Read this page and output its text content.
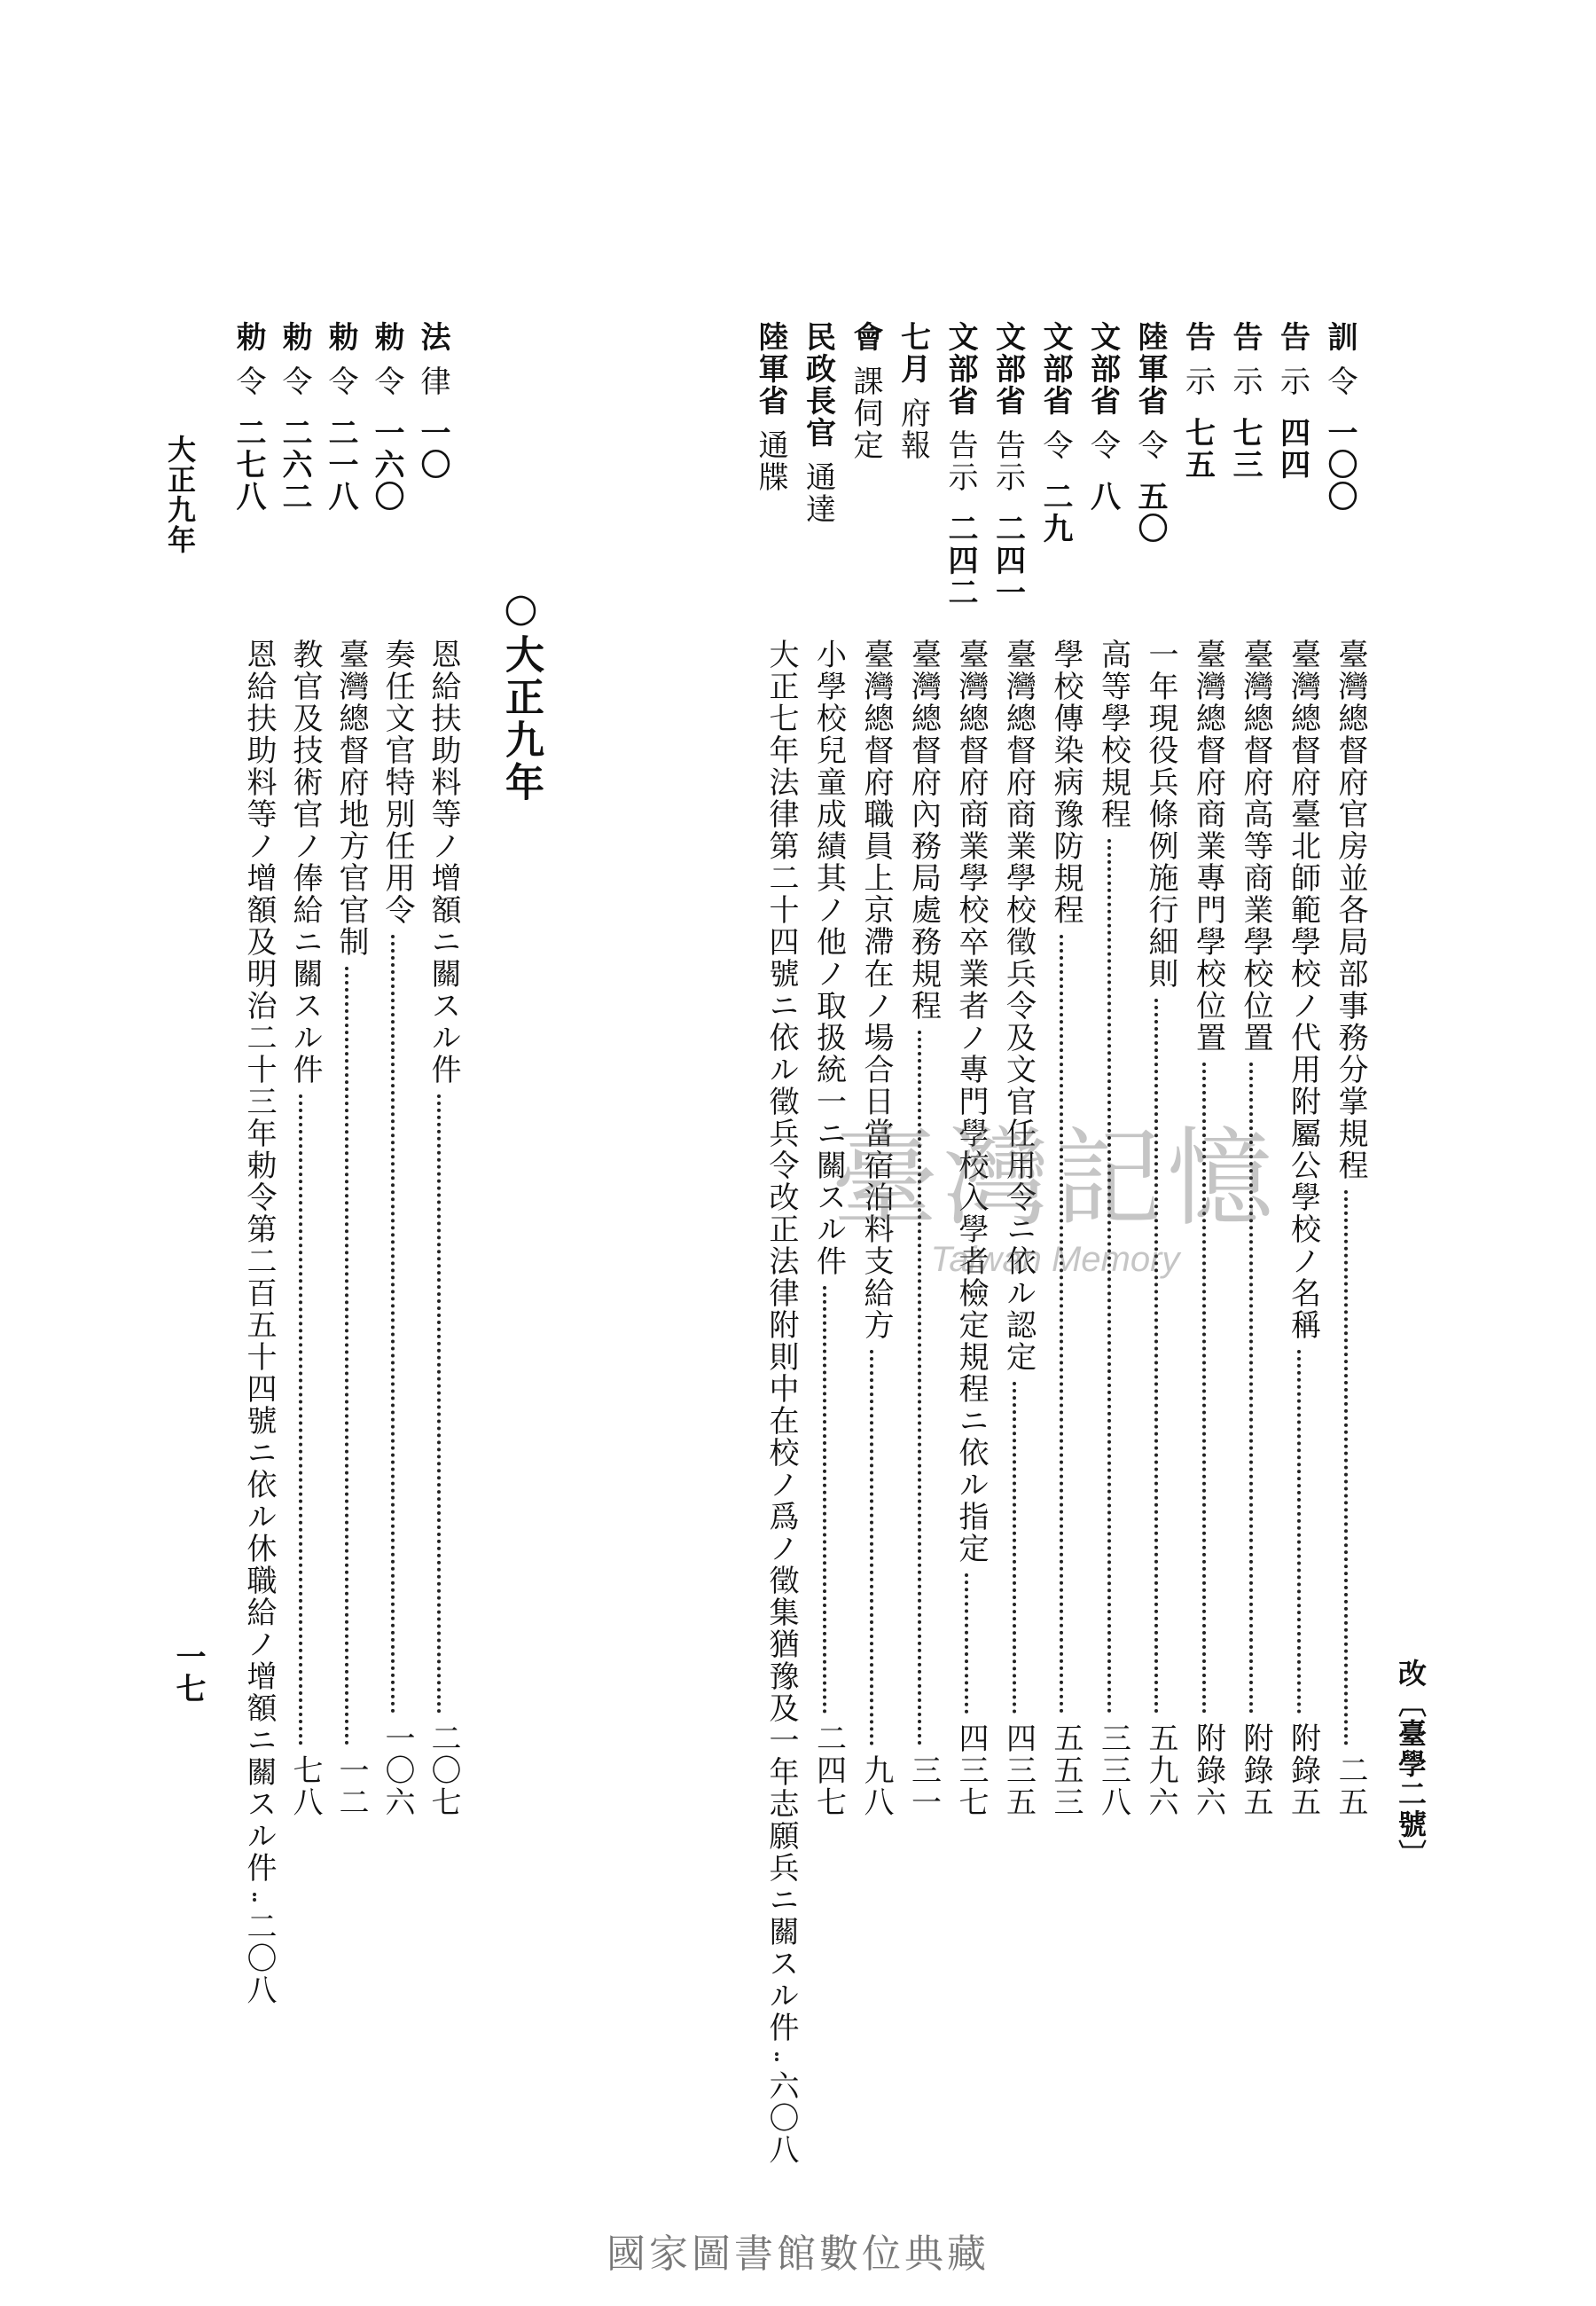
改〔臺學二號〕
訓令一〇〇
告示四四
告示七三
告示七五
陸軍省令五〇
文部省令八
文部省令二九
文部省告示二四一
文部省告示二四二
七月府報
會課伺定
民政長官通達
陸軍省通牒
臺灣總督府官房並各局部事務分掌規程
二五
臺灣總督府臺北師範學校ノ代用附屬公學校ノ名稱
附錄五
臺灣總督府高等商業學校位置
附錄五
臺灣總督府商業專門學校位置
附錄六
一年現役兵條例施行細則
五九六
高等學校規程
三三八
學校傳染病豫防規程
五五三
臺灣總督府商業學校徵兵令及文官任用令ニ依ル認定
四三五
臺灣總督府商業學校卒業者ノ專門學校入學者檢定規程ニ依ル指定
四三七
臺灣總督府內務局處務規程
三一
臺灣總督府職員上京滯在ノ場合日當宿泊料支給方
九八
小學校兒童成績其ノ他ノ取扱統一ニ關スル件
二四七
大正七年法律第二十四號ニ依ル徵兵令改正法律附則中在校ノ爲ノ徵集猶豫及一年志願兵ニ關スル件
六〇八
○大正九年
法律一〇
勅令一六〇
勅令二一八
勅令二六二
勅令二七八
恩給扶助料等ノ增額ニ關スル件
二〇七
奏任文官特別任用令
一〇六
臺灣總督府地方官官制
一二
教官及技術官ノ俸給ニ關スル件
七八
恩給扶助料等ノ增額及明治二十三年勅令第二百五十四號ニ依ル休職給ノ增額ニ關スル件
二〇八
大正九年
一七
臺灣記憶
Taiwan Memory
國家圖書館數位典藏
